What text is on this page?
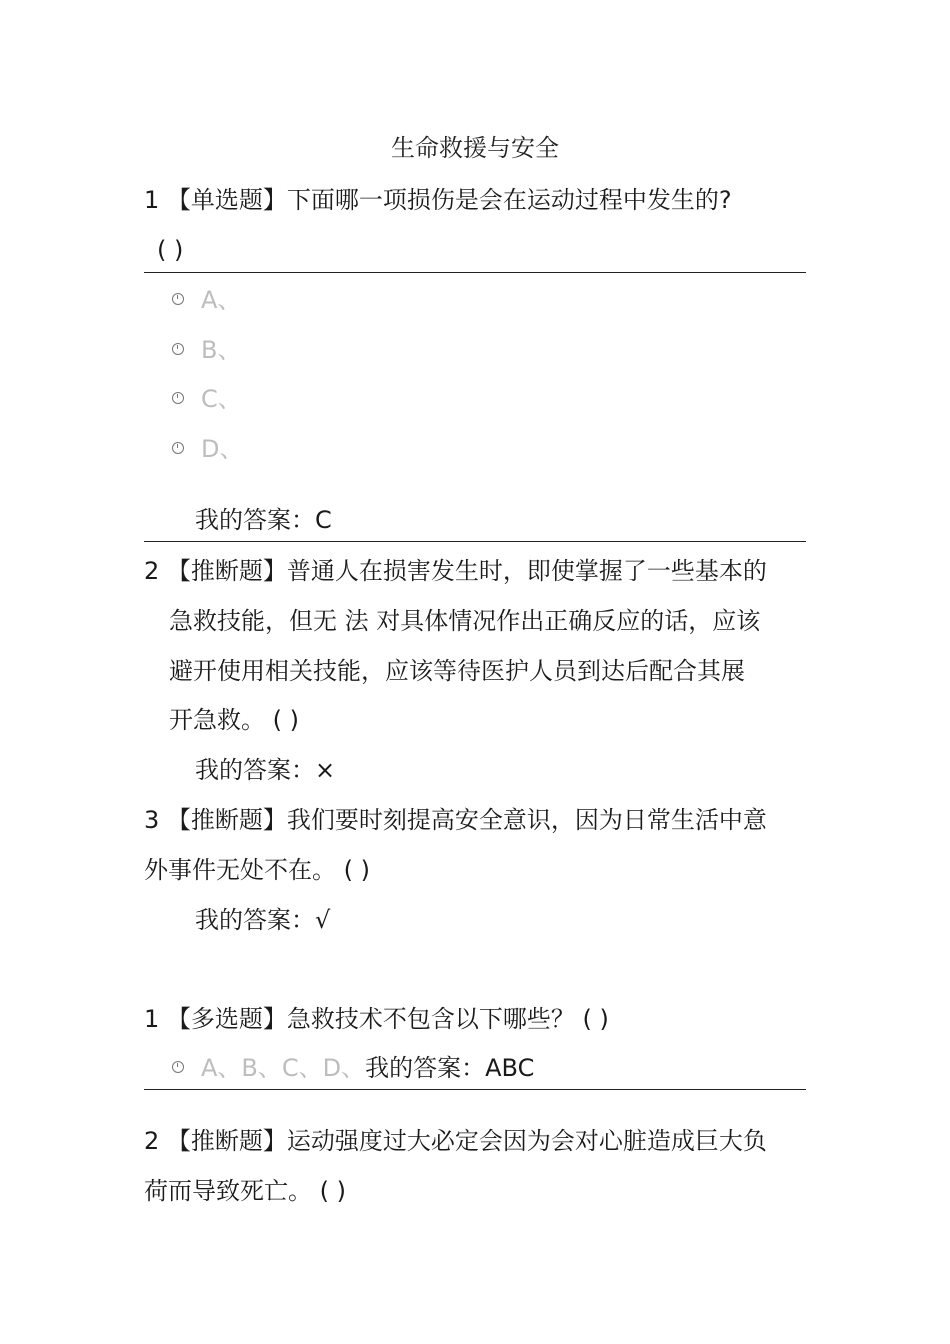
生命救援与安全
1 【单选题】下面哪一项损伤是会在运动过程中发生的?
( )
A、
B、
C、
D、
我的答案：C
2 【推断题】普通人在损害发生时，即使掌握了一些基本的
急救技能，但无 法 对具体情况作出正确反应的话，应该
避开使用相关技能，应该等待医护人员到达后配合其展
开急救。 ( )
我的答案：×
3 【推断题】我们要时刻提高安全意识，因为日常生活中意
外事件无处不在。 ( )
我的答案：√
1 【多选题】急救技术不包含以下哪些？ ( )
A、B、C、D、我的答案：ABC
2 【推断题】运动强度过大必定会因为会对心脏造成巨大负
荷而导致死亡。 ( )
